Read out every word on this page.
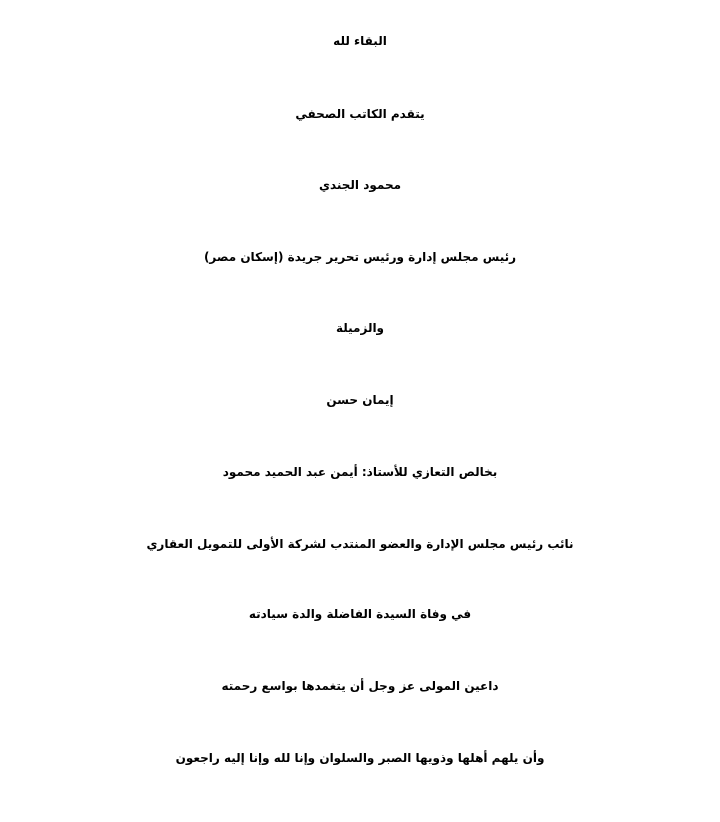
البقاء لله
يتقدم الكاتب الصحفي
محمود الجندي
رئيس مجلس إدارة ورئيس تحرير جريدة (إسكان مصر)
والزميلة
إيمان حسن
بخالص التعازي للأستاذ: أيمن عبد الحميد محمود
نائب رئيس مجلس الإدارة والعضو المنتدب لشركة الأولى للتمويل العقاري
في وفاة السيدة الفاضلة والدة سيادته
داعين المولى عز وجل أن يتغمدها بواسع رحمته
وأن يلهم أهلها وذويها الصبر والسلوان وإنا لله وإنا إليه راجعون
